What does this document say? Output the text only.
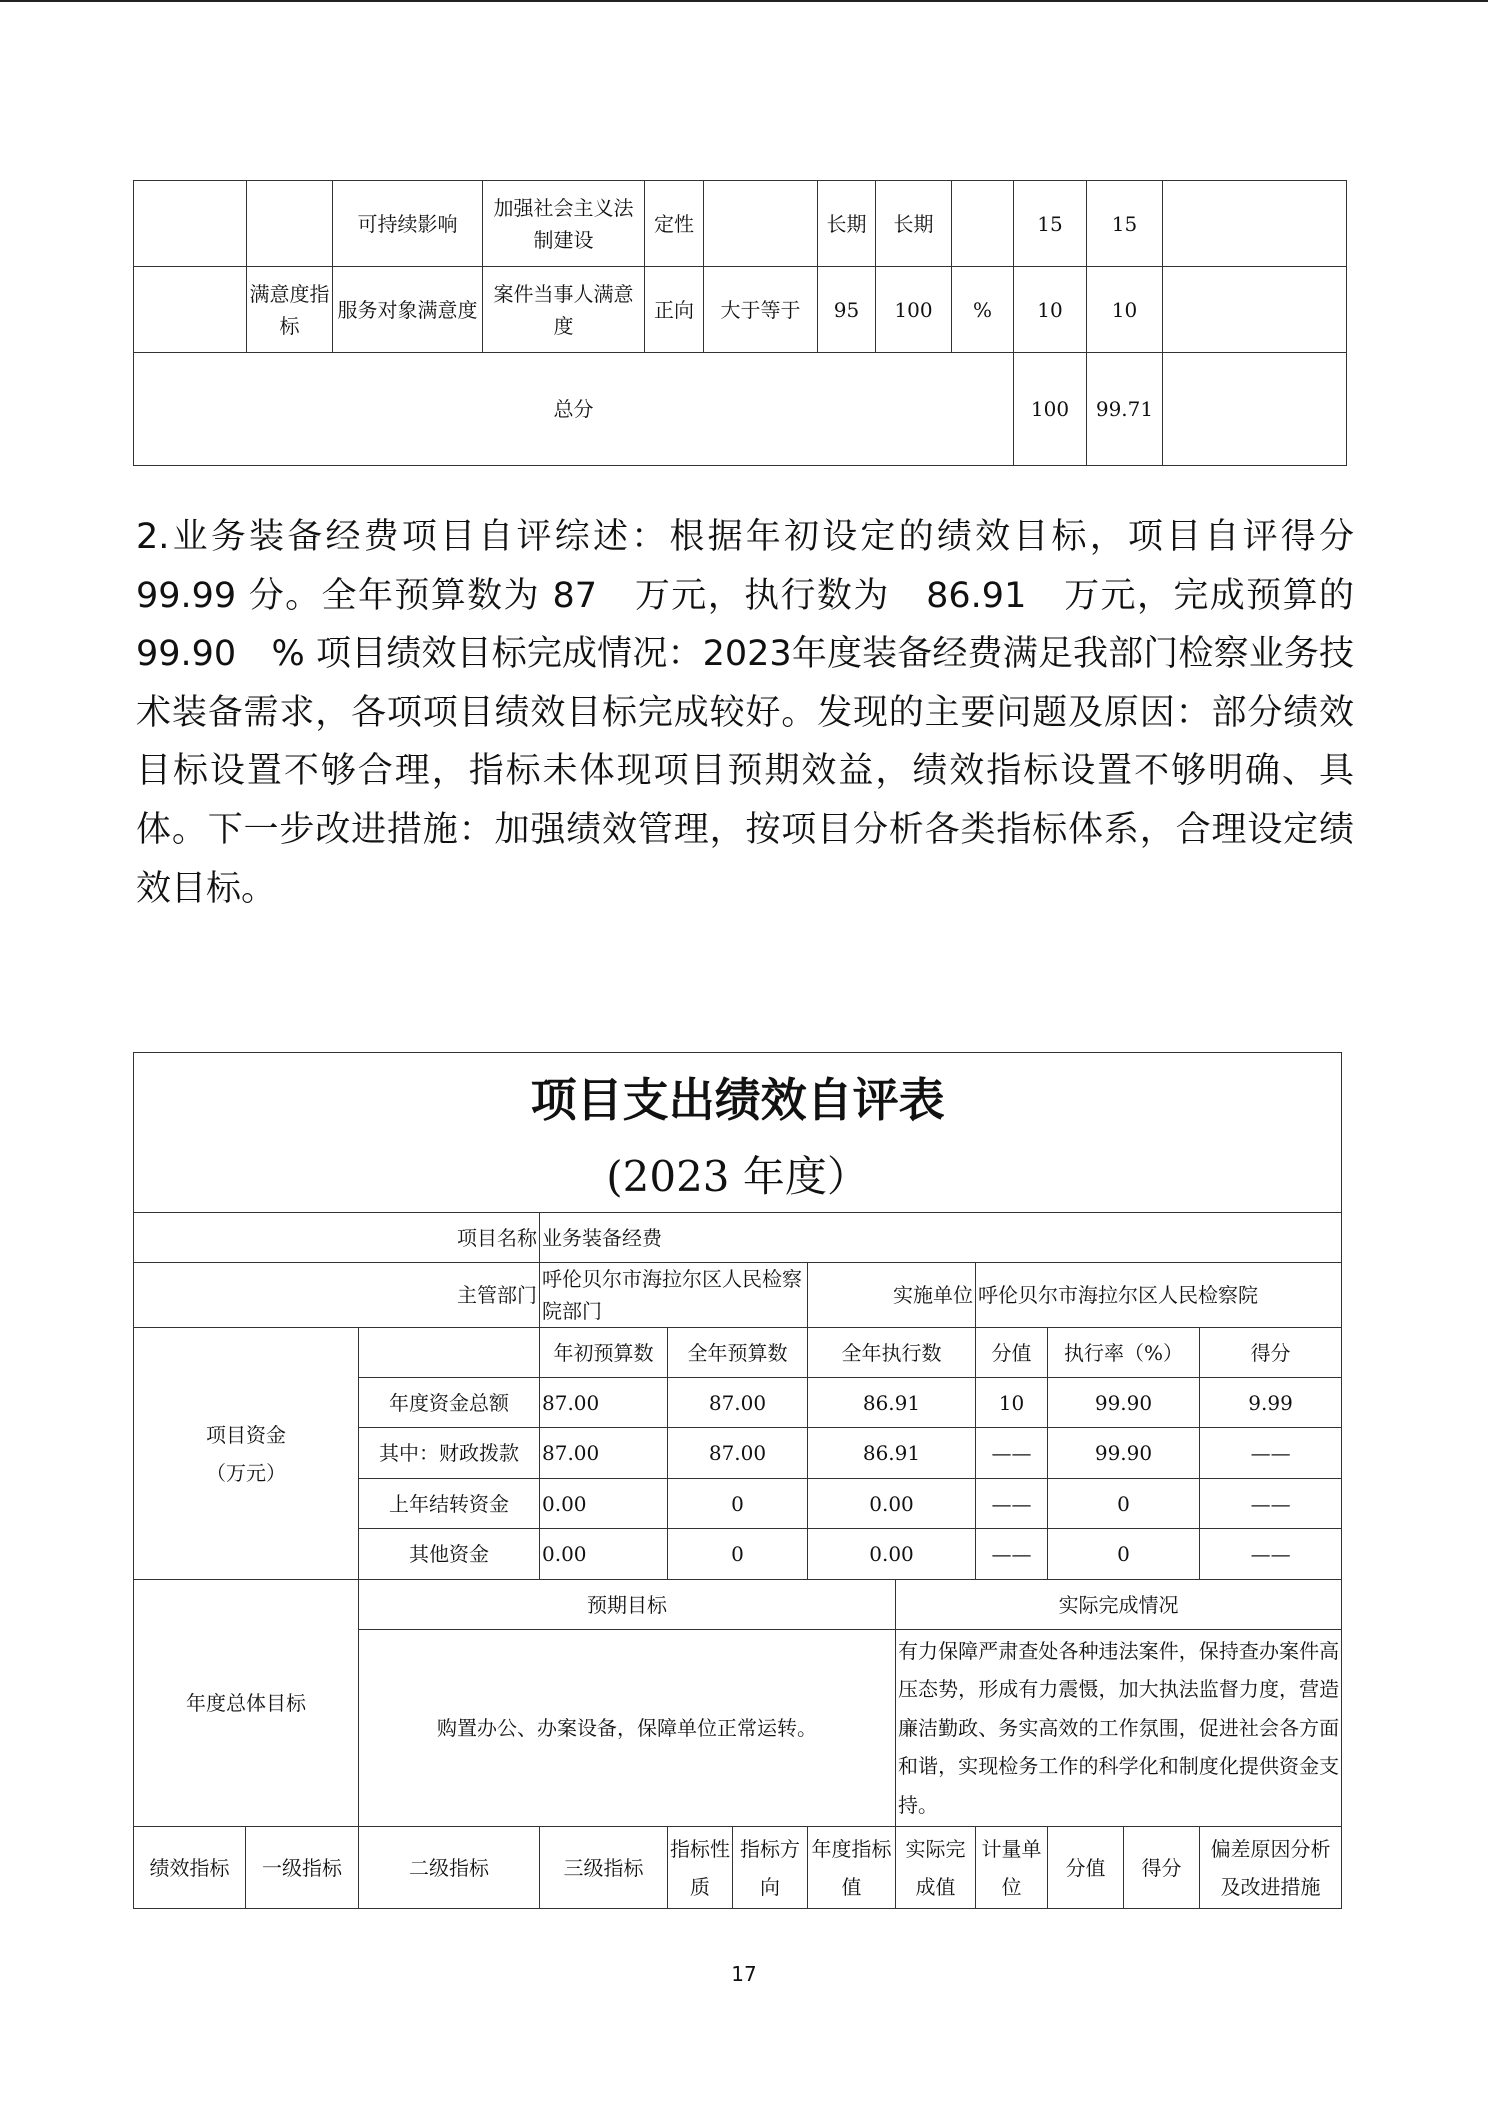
		可持续影响	加强社会主义法制建设	定性		长期	长期		15	15	
	满意度指标	服务对象满意度	案件当事人满意度	正向	大于等于	95	100	%	10	10	
总分									100	99.71	

2.业务装备经费项目自评综述：根据年初设定的绩效目标，项目自评得分　99.99 分。全年预算数为 87　万元，执行数为　86.91　万元，完成预算的 99.90　% 项目绩效目标完成情况：2023年度装备经费满足我部门检察业务技术装备需求，各项项目绩效目标完成较好。发现的主要问题及原因：部分绩效目标设置不够合理，指标未体现项目预期效益，绩效指标设置不够明确、具体。下一步改进措施：加强绩效管理，按项目分析各类指标体系，合理设定绩效目标。

项目支出绩效自评表
(2023 年度）											

项目名称			业务装备经费								
主管部门			呼伦贝尔市海拉尔区人民检察院部门			实施单位		呼伦贝尔市海拉尔区人民检察院			
项目资金
（万元）			年初预算数	全年预算数		全年执行数		分值	执行率（%）		得分
		年度资金总额	87.00	87.00		86.91		10	99.90		9.99
		其中：财政拨款	87.00	87.00		86.91		——	99.90		——
		上年结转资金	0.00	0		0.00		——	0		——
		其他资金	0.00	0		0.00		——	0		——
年度总体目标		预期目标					实际完成情况				
		购置办公、办案设备，保障单位正常运转。					有力保障严肃查处各种违法案件，保持查办案件高压态势，形成有力震慑，加大执法监督力度，营造廉洁勤政、务实高效的工作氛围，促进社会各方面和谐，实现检务工作的科学化和制度化提供资金支持。				
绩效指标	一级指标	二级指标	三级指标	指标性质	指标方向	年度指标值	实际完成值	计量单位	分值	得分	偏差原因分析及改进措施
17
